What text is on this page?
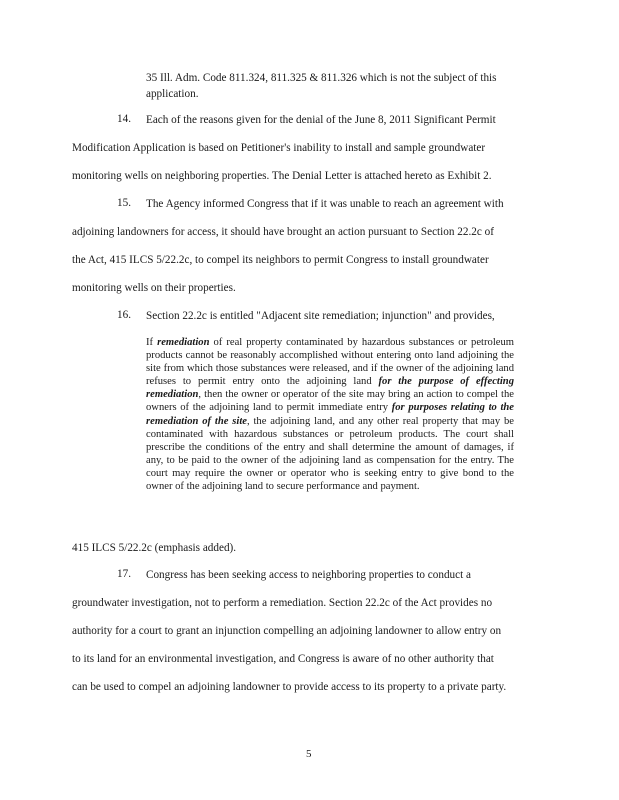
35 Ill. Adm. Code 811.324, 811.325 & 811.326 which is not the subject of this
application.
14. Each of the reasons given for the denial of the June 8, 2011 Significant Permit
Modification Application is based on Petitioner's inability to install and sample groundwater
monitoring wells on neighboring properties. The Denial Letter is attached hereto as Exhibit 2.
15. The Agency informed Congress that if it was unable to reach an agreement with
adjoining landowners for access, it should have brought an action pursuant to Section 22.2c of
the Act, 415 ILCS 5/22.2c, to compel its neighbors to permit Congress to install groundwater
monitoring wells on their properties.
16. Section 22.2c is entitled "Adjacent site remediation; injunction" and provides,

If remediation of real property contaminated by hazardous substances or petroleum products cannot be reasonably accomplished without entering onto land adjoining the site from which those substances were released, and if the owner of the adjoining land refuses to permit entry onto the adjoining land for the purpose of effecting remediation, then the owner or operator of the site may bring an action to compel the owners of the adjoining land to permit immediate entry for purposes relating to the remediation of the site, the adjoining land, and any other real property that may be contaminated with hazardous substances or petroleum products. The court shall prescribe the conditions of the entry and shall determine the amount of damages, if any, to be paid to the owner of the adjoining land as compensation for the entry. The court may require the owner or operator who is seeking entry to give bond to the owner of the adjoining land to secure performance and payment.

415 ILCS 5/22.2c (emphasis added).
17. Congress has been seeking access to neighboring properties to conduct a
groundwater investigation, not to perform a remediation. Section 22.2c of the Act provides no
authority for a court to grant an injunction compelling an adjoining landowner to allow entry on
to its land for an environmental investigation, and Congress is aware of no other authority that
can be used to compel an adjoining landowner to provide access to its property to a private party.
5
